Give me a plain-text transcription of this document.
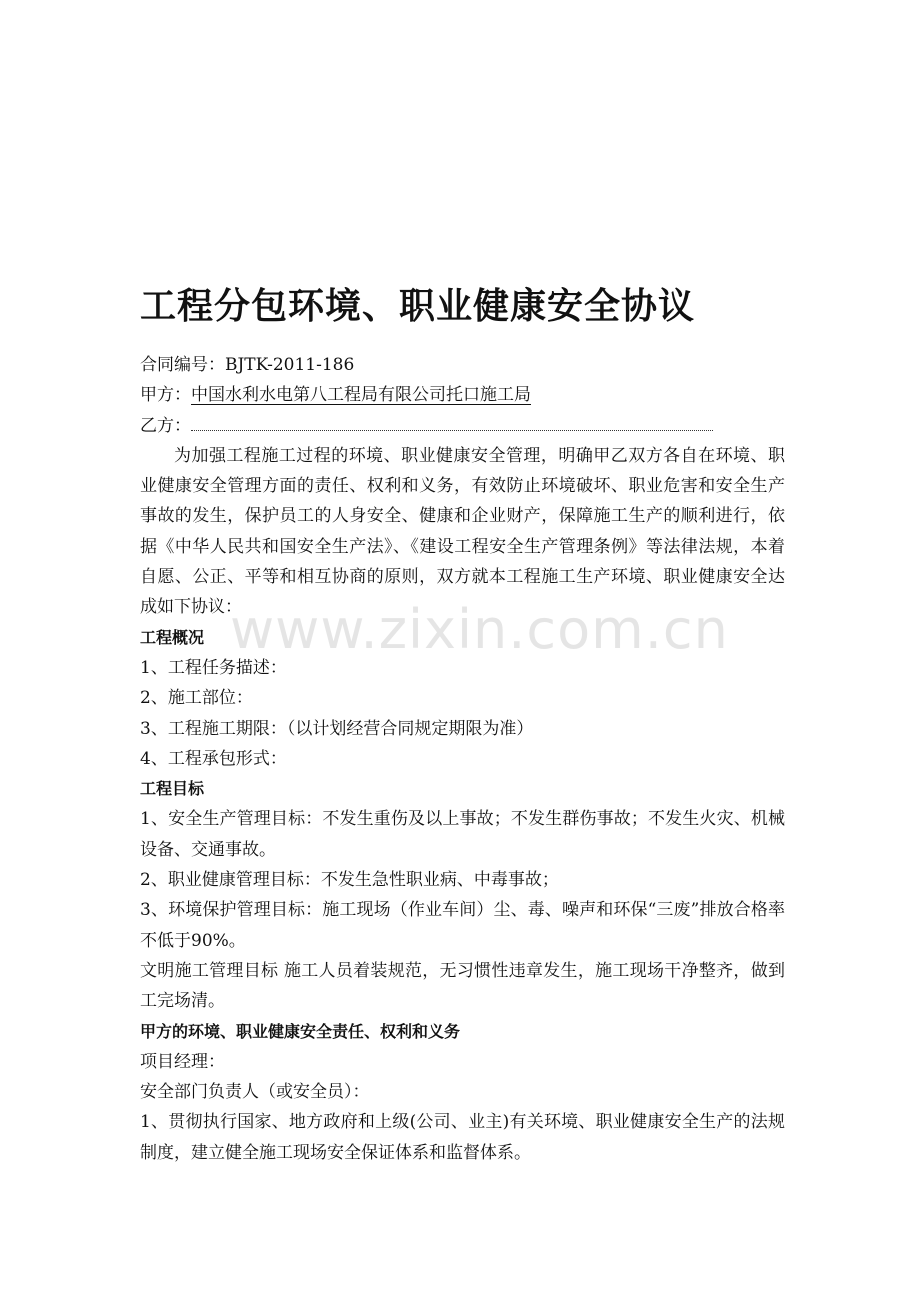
www.zixin.com.cn
工程分包环境、职业健康安全协议

合同编号：BJTK-2011-186

甲方：中国水利水电第八工程局有限公司托口施工局

乙方：

为加强工程施工过程的环境、职业健康安全管理，明确甲乙双方各自在环境、职业健康安全管理方面的责任、权利和义务，有效防止环境破坏、职业危害和安全生产事故的发生，保护员工的人身安全、健康和企业财产，保障施工生产的顺利进行，依据《中华人民共和国安全生产法》、《建设工程安全生产管理条例》等法律法规，本着自愿、公正、平等和相互协商的原则，双方就本工程施工生产环境、职业健康安全达成如下协议：

工程概况

1、工程任务描述：

2、施工部位：

3、工程施工期限：（以计划经营合同规定期限为准）

4、工程承包形式：

工程目标

1、安全生产管理目标：不发生重伤及以上事故；不发生群伤事故；不发生火灾、机械设备、交通事故。

2、职业健康管理目标：不发生急性职业病、中毒事故；

3、环境保护管理目标：施工现场（作业车间）尘、毒、噪声和环保“三废”排放合格率不低于90%。

文明施工管理目标 施工人员着装规范，无习惯性违章发生，施工现场干净整齐，做到工完场清。

甲方的环境、职业健康安全责任、权利和义务

项目经理：

安全部门负责人（或安全员）：

1、贯彻执行国家、地方政府和上级(公司、业主)有关环境、职业健康安全生产的法规制度，建立健全施工现场安全保证体系和监督体系。
